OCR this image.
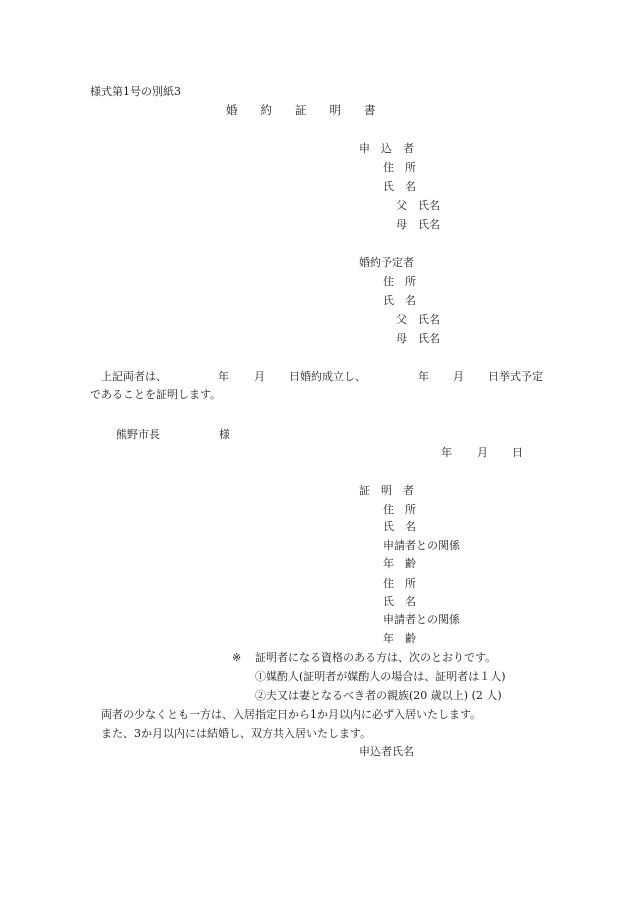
様式第1号の別紙3
婚　　約　　証　　明　　書
申　込　者
住　所
氏　名
父　氏名
母　氏名
婚約予定者
住　所
氏　名
父　氏名
母　氏名
上記両者は、	年 月 日婚約成立し、	年 月 日挙式予定
であることを証明します。
熊野市長	様
年 月 日
証　明　者
住　所
氏　名
申請者との関係
年　齢
住　所
氏　名
申請者との関係
年　齢
※ 証明者になる資格のある方は、次のとおりです。
①媒酌人(証明者が媒酌人の場合は、証明者は１人)
②夫又は妻となるべき者の親族(20 歳以上) (2 人)
両者の少なくとも一方は、入居指定日から1か月以内に必ず入居いたします。
また、3か月以内には結婚し、双方共入居いたします。
申込者氏名
